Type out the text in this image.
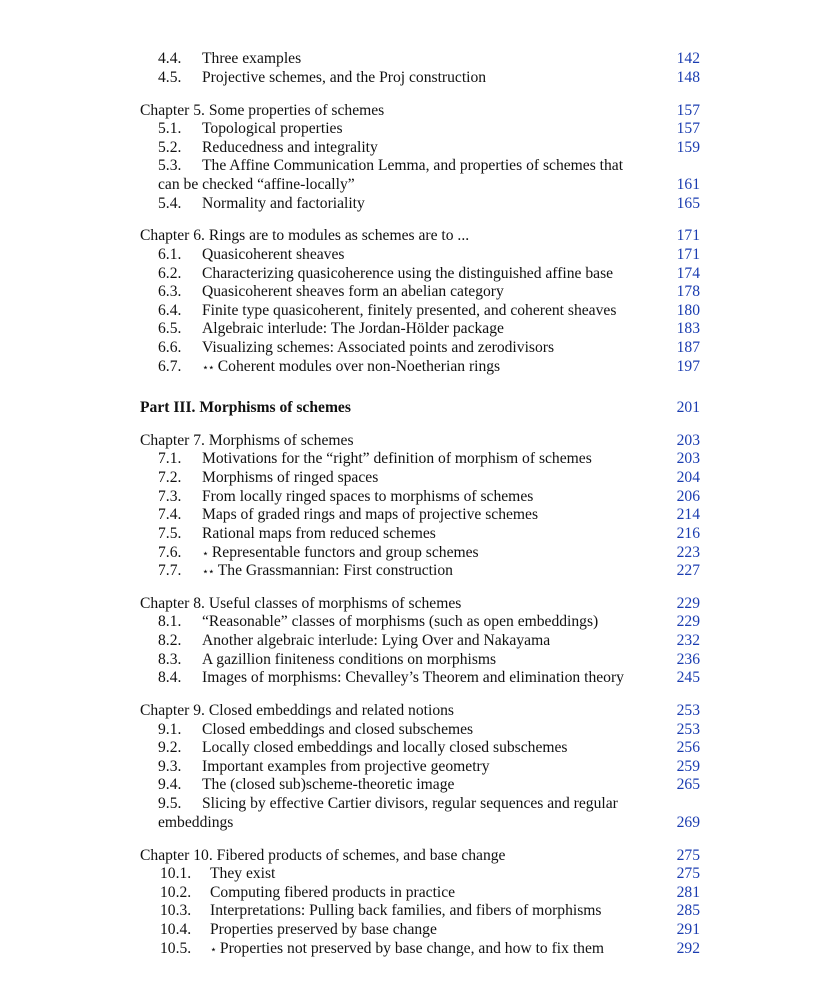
4.4. Three examples	142
4.5. Projective schemes, and the Proj construction	148
Chapter 5. Some properties of schemes	157
5.1. Topological properties	157
5.2. Reducedness and integrality	159
5.3. The Affine Communication Lemma, and properties of schemes that
can be checked “affine-locally”	161
5.4. Normality and factoriality	165
Chapter 6. Rings are to modules as schemes are to ...	171
6.1. Quasicoherent sheaves	171
6.2. Characterizing quasicoherence using the distinguished affine base	174
6.3. Quasicoherent sheaves form an abelian category	178
6.4. Finite type quasicoherent, finitely presented, and coherent sheaves	180
6.5. Algebraic interlude: The Jordan-Hölder package	183
6.6. Visualizing schemes: Associated points and zerodivisors	187
6.7. ⋆⋆ Coherent modules over non-Noetherian rings	197
Part III. Morphisms of schemes	201
Chapter 7. Morphisms of schemes	203
7.1. Motivations for the “right” definition of morphism of schemes	203
7.2. Morphisms of ringed spaces	204
7.3. From locally ringed spaces to morphisms of schemes	206
7.4. Maps of graded rings and maps of projective schemes	214
7.5. Rational maps from reduced schemes	216
7.6. ⋆ Representable functors and group schemes	223
7.7. ⋆⋆ The Grassmannian: First construction	227
Chapter 8. Useful classes of morphisms of schemes	229
8.1. “Reasonable” classes of morphisms (such as open embeddings)	229
8.2. Another algebraic interlude: Lying Over and Nakayama	232
8.3. A gazillion finiteness conditions on morphisms	236
8.4. Images of morphisms: Chevalley’s Theorem and elimination theory	245
Chapter 9. Closed embeddings and related notions	253
9.1. Closed embeddings and closed subschemes	253
9.2. Locally closed embeddings and locally closed subschemes	256
9.3. Important examples from projective geometry	259
9.4. The (closed sub)scheme-theoretic image	265
9.5. Slicing by effective Cartier divisors, regular sequences and regular
embeddings	269
Chapter 10. Fibered products of schemes, and base change	275
10.1. They exist	275
10.2. Computing fibered products in practice	281
10.3. Interpretations: Pulling back families, and fibers of morphisms	285
10.4. Properties preserved by base change	291
10.5. ⋆ Properties not preserved by base change, and how to fix them	292
